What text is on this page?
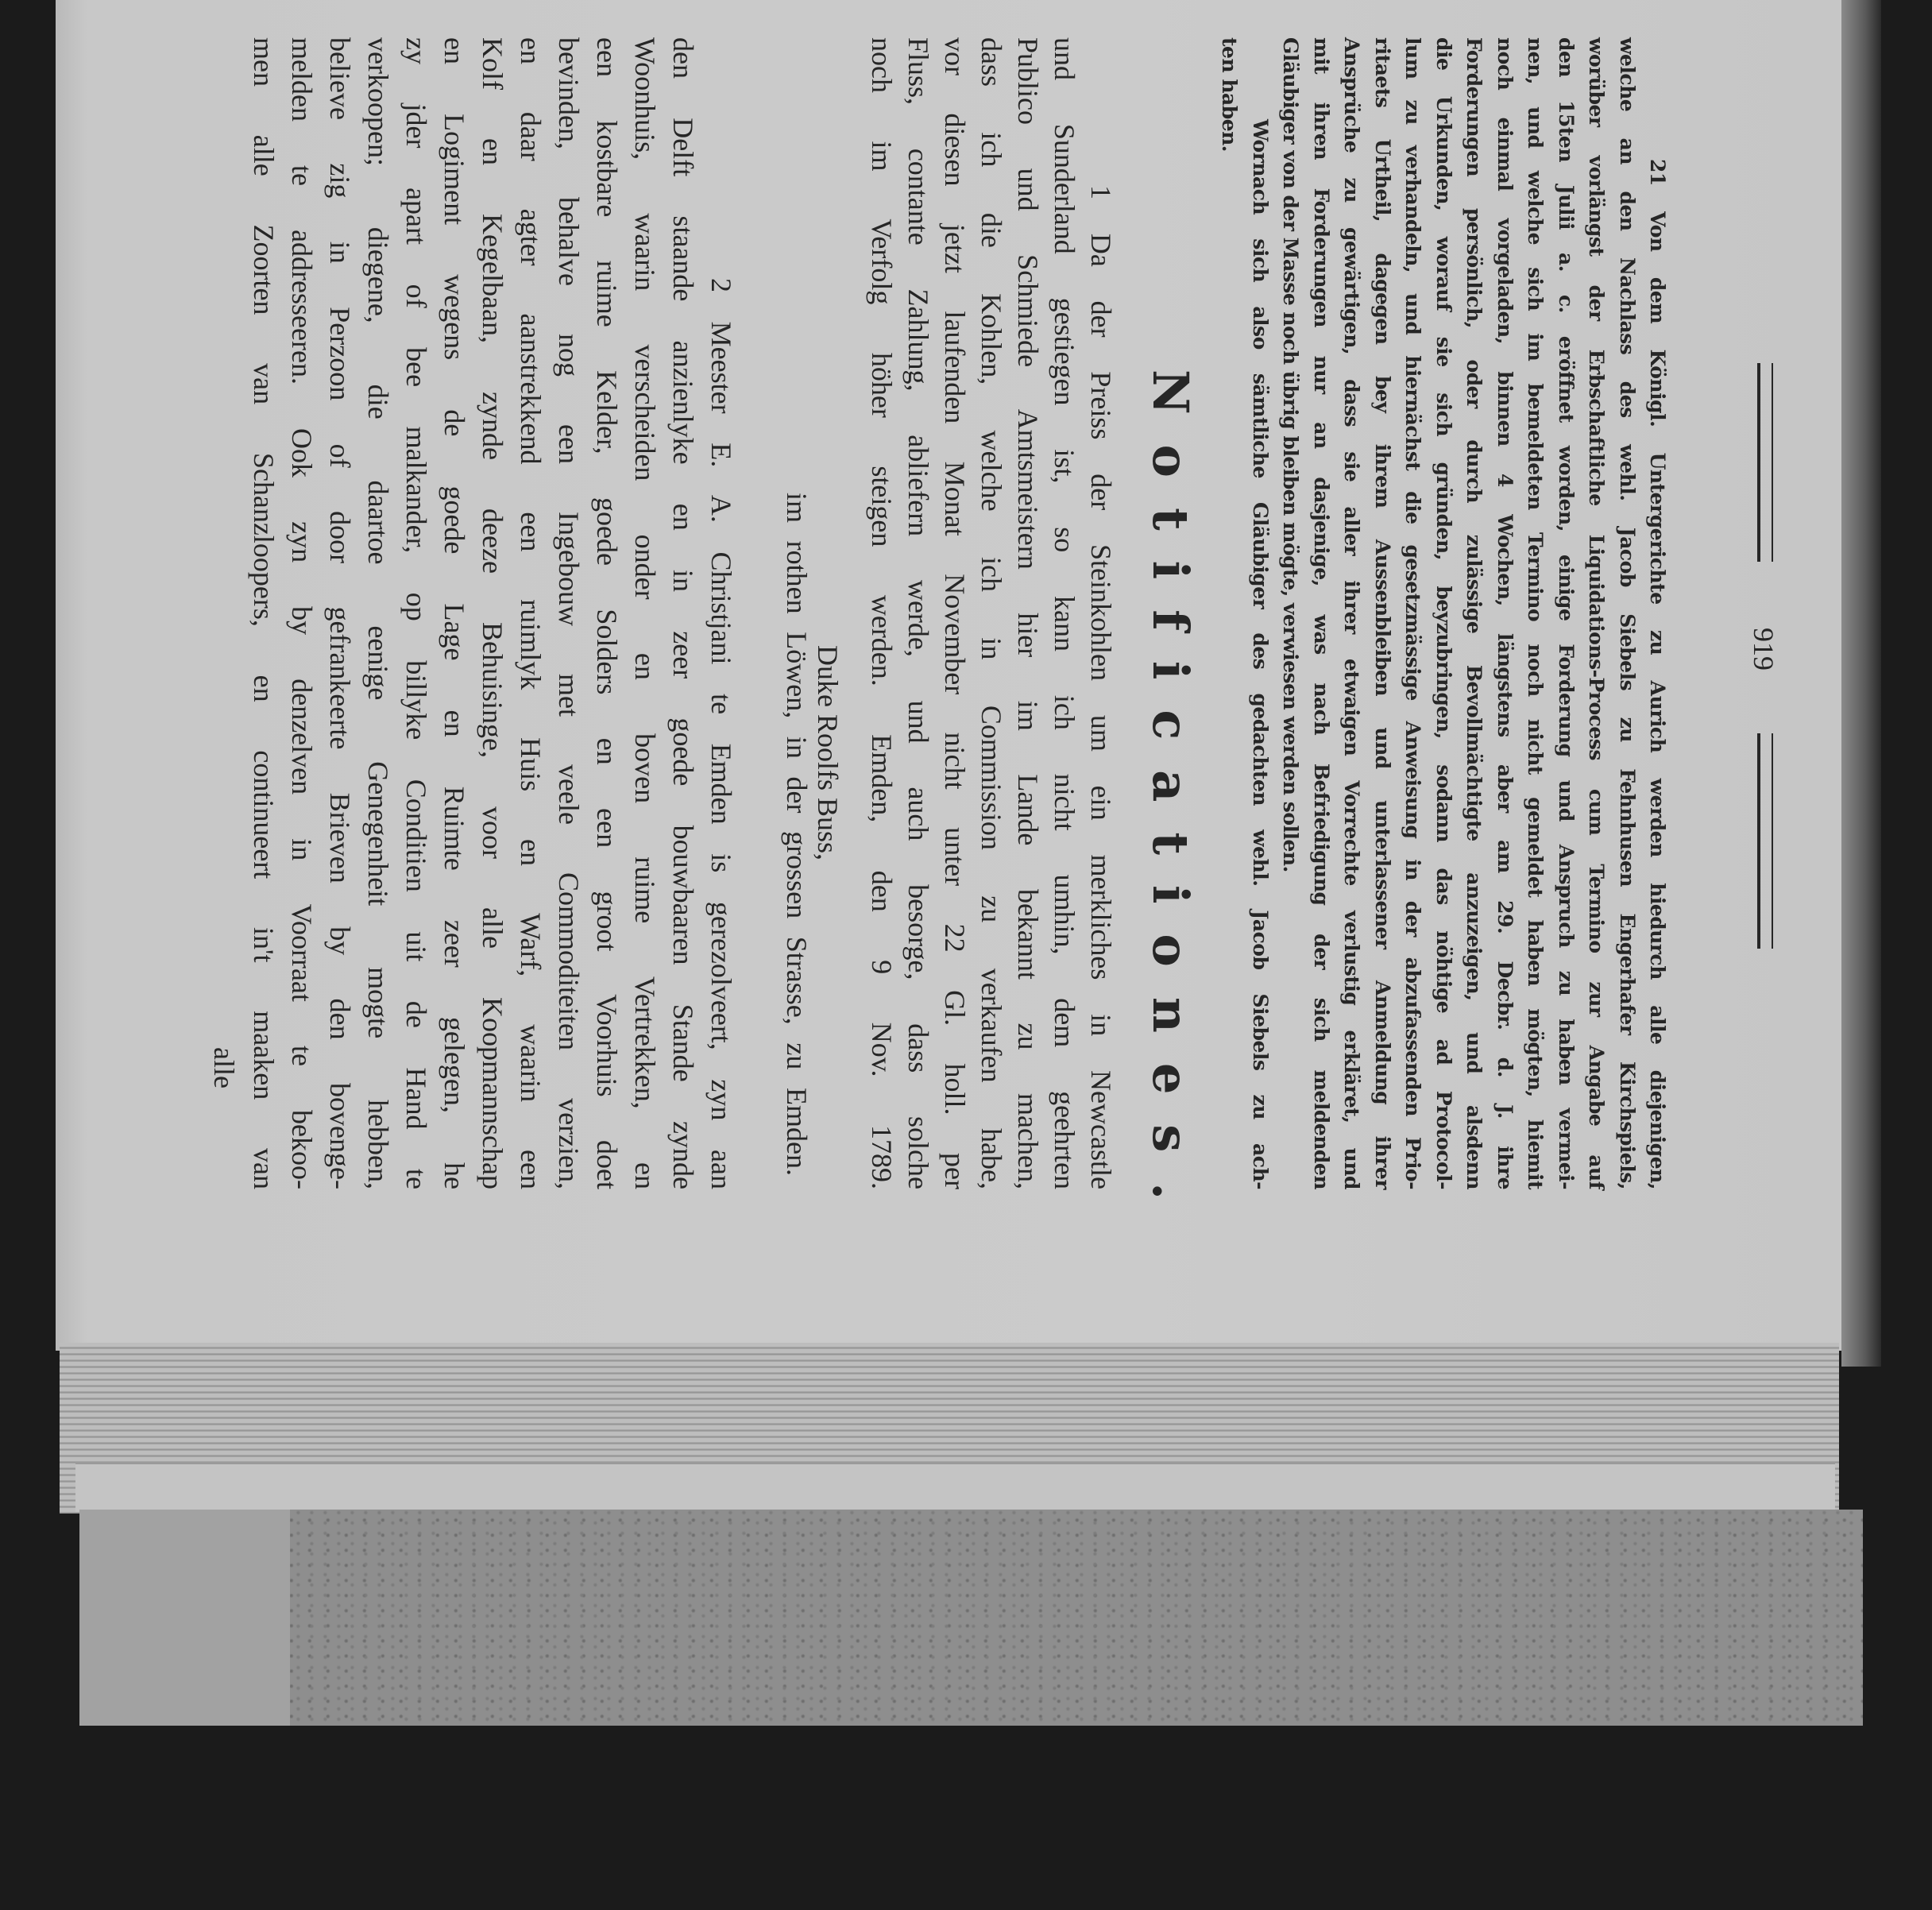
919
21 Von dem Königl. Untergerichte zu Aurich werden hiedurch alle diejenigen,
welche an den Nachlass des wehl. Jacob Siebels zu Fehnhusen Engerhafer Kirchspiels,
worüber vorlängst der Erbschaftliche Liquidations-Process cum Termino zur Angabe auf
den 15ten Julii a. c. eröffnet worden, einige Forderung und Anspruch zu haben vermei-
nen, und welche sich im bemeldeten Termino noch nicht gemeldet haben mögten, hiemit
noch einmal vorgeladen, binnen 4 Wochen, längstens aber am 29. Decbr. d. J. ihre
Forderungen persönlich, oder durch zulässige Bevollmächtigte anzuzeigen, und alsdenn
die Urkunden, worauf sie sich gründen, beyzubringen, sodann das nöhtige ad Protocol-
lum zu verhandeln, und hiernächst die gesetzmässige Anweisung in der abzufassenden Prio-
ritaets Urtheil, dagegen bey ihrem Aussenbleiben und unterlassener Anmeldung ihrer
Ansprüche zu gewärtigen, dass sie aller ihrer etwaigen Vorrechte verlustig erkläret, und
mit ihren Forderungen nur an dasjenige, was nach Befriedigung der sich meldenden
Gläubiger von der Masse noch übrig bleiben mögte, verwiesen werden sollen.
Wornach sich also sämtliche Gläubiger des gedachten wehl. Jacob Siebels zu ach-
ten haben.
Notificationes.
1 Da der Preiss der Steinkohlen um ein merkliches in Newcastle
und Sunderland gestiegen ist, so kann ich nicht umhin, dem geehrten
Publico und Schmiede Amtsmeistern hier im Lande bekannt zu machen,
dass ich die Kohlen, welche ich in Commission zu verkaufen habe,
vor diesen jetzt laufenden Monat November nicht unter 22 Gl. holl. per
Fluss, contante Zahlung, abliefern werde, und auch besorge, dass solche
noch im Verfolg höher steigen werden. Emden, den 9 Nov. 1789.
Duke Roolfs Buss,
im rothen Löwen, in der grossen Strasse, zu Emden.
2 Meester E. A. Christjani te Emden is gerezolveert, zyn aan
den Delft staande anzienlyke en in zeer goede bouwbaaren Stande zynde
Woonhuis, waarin verscheiden onder en boven ruime Vertrekken, en
een kostbare ruime Kelder, goede Solders en een groot Voorhuis doet
bevinden, behalve nog een Ingebouw met veele Commoditeiten verzien,
en daar agter aanstrekkend een ruimlyk Huis en Warf, waarin een
Kolf en Kegelbaan, zynde deeze Behuisinge, voor alle Koopmannschap
en Logiment wegens de goede Lage en Ruimte zeer gelegen, he
zy jder apart of bee malkander, op billyke Conditien uit de Hand te
verkoopen; diegene, die daartoe eenige Genegenheit mogte hebben,
believe zig in Perzoon of door gefrankeerte Brieven by den bovenge-
melden te addresseeren. Ook zyn by denzelven in Voorraat te bekoo-
men alle Zoorten van Schanzloopers, en continueert in't maaken van
alle
